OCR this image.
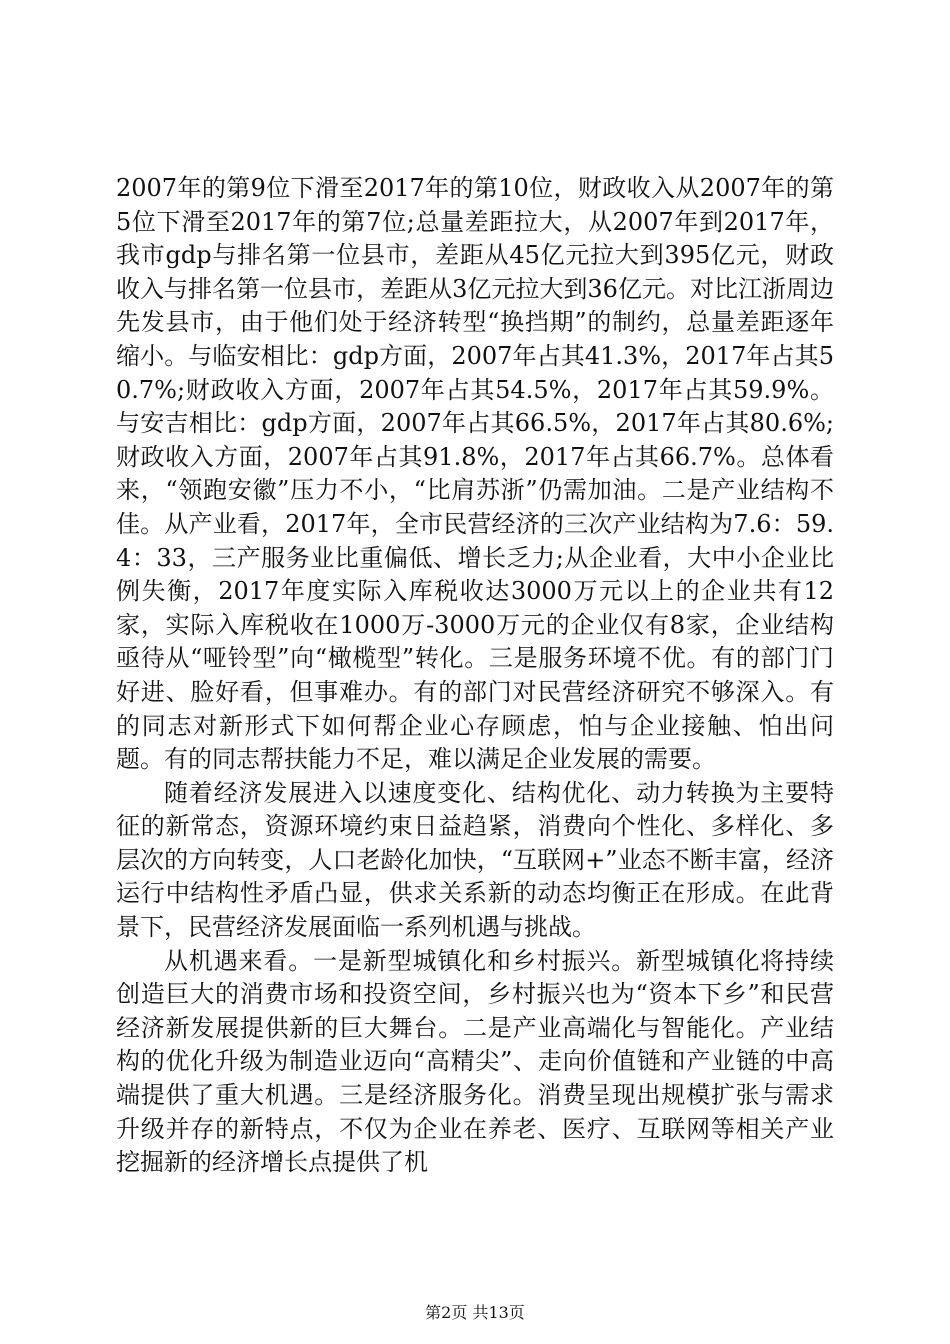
2007年的第9位下滑至2017年的第10位，财政收入从2007年的第5位下滑至2017年的第7位;总量差距拉大，从2007年到2017年，我市gdp与排名第一位县市，差距从45亿元拉大到395亿元，财政收入与排名第一位县市，差距从3亿元拉大到36亿元。对比江浙周边先发县市，由于他们处于经济转型“换挡期”的制约，总量差距逐年缩小。与临安相比：gdp方面，2007年占其41.3%，2017年占其50.7%;财政收入方面，2007年占其54.5%，2017年占其59.9%。与安吉相比：gdp方面，2007年占其66.5%，2017年占其80.6%;财政收入方面，2007年占其91.8%，2017年占其66.7%。总体看来，“领跑安徽”压力不小，“比肩苏浙”仍需加油。二是产业结构不佳。从产业看，2017年，全市民营经济的三次产业结构为7.6：59.4：33，三产服务业比重偏低、增长乏力;从企业看，大中小企业比例失衡，2017年度实际入库税收达3000万元以上的企业共有12家，实际入库税收在1000万-3000万元的企业仅有8家，企业结构亟待从“哑铃型”向“橄榄型”转化。三是服务环境不优。有的部门门好进、脸好看，但事难办。有的部门对民营经济研究不够深入。有的同志对新形式下如何帮企业心存顾虑，怕与企业接触、怕出问题。有的同志帮扶能力不足，难以满足企业发展的需要。

随着经济发展进入以速度变化、结构优化、动力转换为主要特征的新常态，资源环境约束日益趋紧，消费向个性化、多样化、多层次的方向转变，人口老龄化加快，“互联网+”业态不断丰富，经济运行中结构性矛盾凸显，供求关系新的动态均衡正在形成。在此背景下，民营经济发展面临一系列机遇与挑战。

从机遇来看。一是新型城镇化和乡村振兴。新型城镇化将持续创造巨大的消费市场和投资空间，乡村振兴也为“资本下乡”和民营经济新发展提供新的巨大舞台。二是产业高端化与智能化。产业结构的优化升级为制造业迈向“高精尖”、走向价值链和产业链的中高端提供了重大机遇。三是经济服务化。消费呈现出规模扩张与需求升级并存的新特点，不仅为企业在养老、医疗、互联网等相关产业挖掘新的经济增长点提供了机

第2页 共13页
